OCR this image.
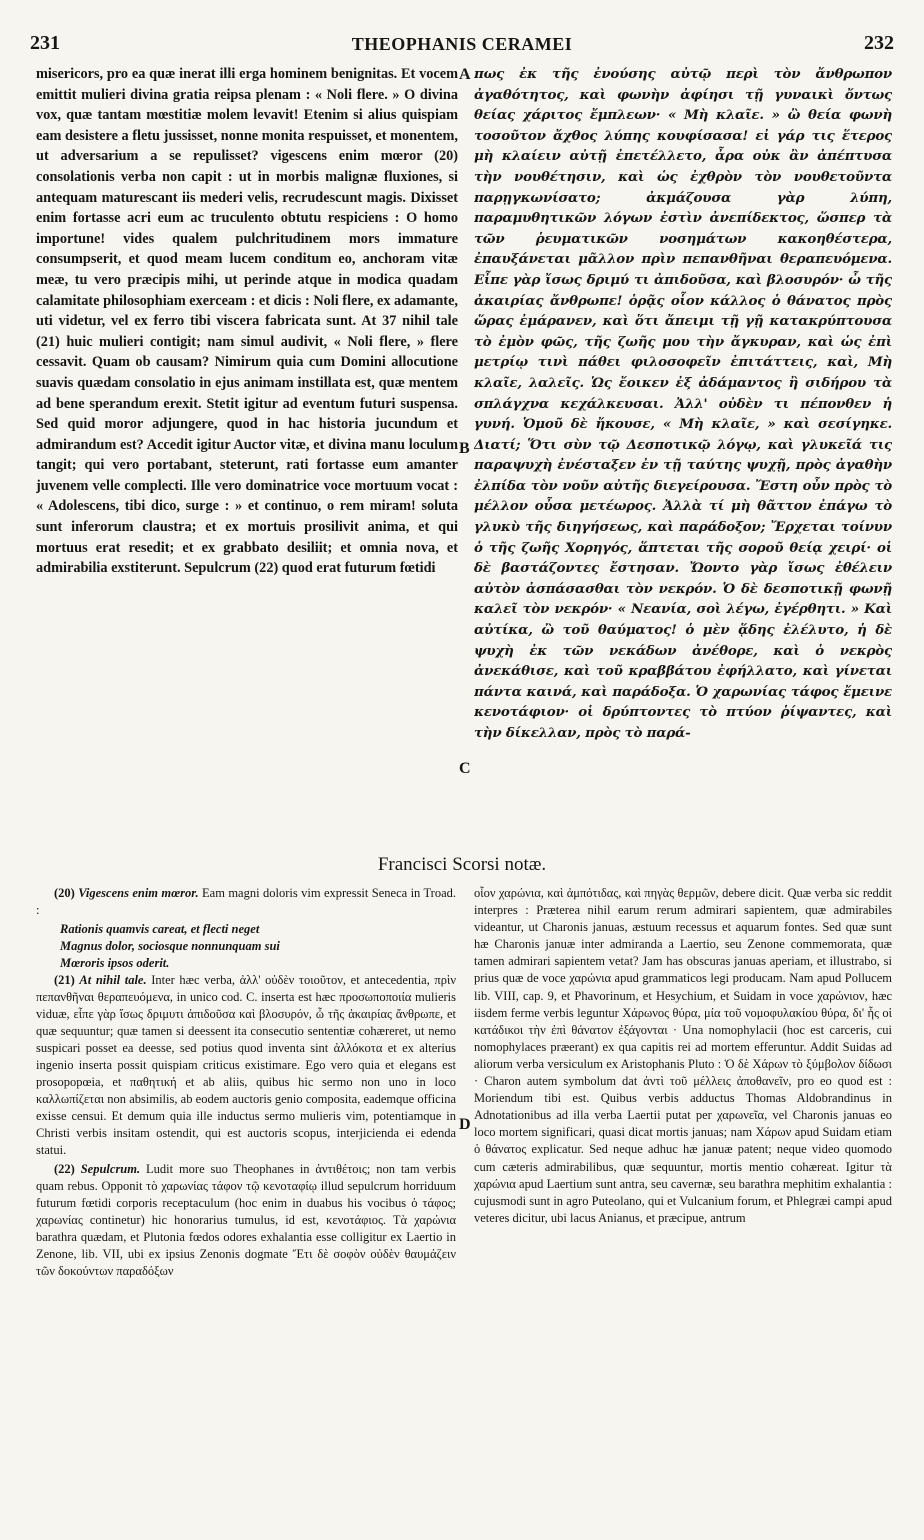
231	THEOPHANIS CERAMEI	232
misericors, pro ea quæ inerat illi erga hominem benignitas. Et vocem emittit mulieri divina gratia reipsa plenam : « Noli flere. » O divina vox, quæ tantam mœstitiæ molem levavit! Etenim si alius quispiam eam desistere a fletu jussisset, nonne monita respuisset, et monentem, ut adversarium a se repulisset? vigescens enim mœror (20) consolationis verba non capit : ut in morbis malignæ fluxiones, si antequam maturescant iis mederi velis, recrudescunt magis. Dixisset enim fortasse acri eum ac truculento obtutu respiciens : O homo importune! vides qualem pulchritudinem mors immature consumpserit, et quod meam lucem conditum eo, anchoram vitæ meæ, tu vero præcipis mihi, ut perinde atque in modica quadam calamitate philosophiam exerceam : et dicis : Noli flere, ex adamante, uti videtur, vel ex ferro tibi viscera fabricata sunt. At 37 nihil tale (21) huic mulieri contigit; nam simul audivit, « Noli flere, » flere cessavit. Quam ob causam? Nimirum quia cum Domini allocutione suavis quædam consolatio in ejus animam instillata est, quæ mentem ad bene sperandum erexit. Stetit igitur ad eventum futuri suspensa. Sed quid moror adjungere, quod in hac historia jucundum et admirandum est? Accedit igitur Auctor vitæ, et divina manu loculum tangit; qui vero portabant, steterunt, rati fortasse eum amanter juvenem velle complecti. Ille vero dominatrice voce mortuum vocat : « Adolescens, tibi dico, surge : » et continuo, o rem miram! soluta sunt inferorum claustra; et ex mortuis prosilivit anima, et qui mortuus erat resedit; et ex grabbato desiliit; et omnia nova, et admirabilia exstiterunt. Sepulcrum (22) quod erat futurum fœtidi
πως ἐκ τῆς ἐνούσης αὐτῷ περὶ τὸν ἄνθρωπον ἀγαθότητος, καὶ φωνὴν ἀφίησι τῇ γυναικὶ ὄντως θείας χάριτος ἔμπλεων· « Μὴ κλαῖε. » ὢ θεία φωνὴ τοσοῦτον ἄχθος λύπης κουφίσασα! εἰ γάρ τις ἕτερος μὴ κλαίειν αὐτῇ ἐπετέλλετο, ἆρα οὐκ ἂν ἀπέπτυσα τὴν νουθέτησιν, καὶ ὡς ἐχθρὸν τὸν νουθετοῦντα παρῃγκωνίσατο; ἀκμάζουσα γὰρ λύπη, παραμυθητικῶν λόγων ἐστὶν ἀνεπίδεκτος, ὥσπερ τὰ τῶν ῥευματικῶν νοσημάτων κακοηθέστερα, ἐπαυξάνεται μᾶλλον πρὶν πεπανθῆναι θεραπευόμενα. Εἶπε γὰρ ἴσως δριμύ τι ἀπιδοῦσα, καὶ βλοσυρόν· ὦ τῆς ἀκαιρίας ἄνθρωπε! ὁρᾷς οἷον κάλλος ὁ θάνατος πρὸς ὥρας ἐμάρανεν, καὶ ὅτι ἄπειμι τῇ γῇ κατακρύπτουσα τὸ ἐμὸν φῶς, τῆς ζωῆς μου τὴν ἄγκυραν, καὶ ὡς ἐπὶ μετρίῳ τινὶ πάθει φιλοσοφεῖν ἐπιτάττεις, καὶ, Μὴ κλαῖε, λαλεῖς. Ὡς ἔοικεν ἐξ ἀδάμαντος ἢ σιδήρου τὰ σπλάγχνα κεχάλκευσαι. Ἀλλ' οὐδὲν τι πέπονθεν ἡ γυνή. Ὁμοῦ δὲ ἤκουσε, « Μὴ κλαῖε, » καὶ σεσίγηκε. Διατί; Ὅτι σὺν τῷ Δεσποτικῷ λόγῳ, καὶ γλυκεῖά τις παραψυχὴ ἐνέσταξεν ἐν τῇ ταύτης ψυχῇ, πρὸς ἀγαθὴν ἐλπίδα τὸν νοῦν αὐτῆς διεγείρουσα. Ἔστη οὖν πρὸς τὸ μέλλον οὖσα μετέωρος. Ἀλλὰ τί μὴ θᾶττον ἐπάγω τὸ γλυκὺ τῆς διηγήσεως, καὶ παράδοξον; Ἔρχεται τοίνυν ὁ τῆς ζωῆς Χορηγός, ἅπτεται τῆς σοροῦ θείᾳ χειρί· οἱ δὲ βαστάζοντες ἔστησαν. Ὤοντο γὰρ ἴσως ἐθέλειν αὐτὸν ἀσπάσασθαι τὸν νεκρόν. Ὁ δὲ δεσποτικῇ φωνῇ καλεῖ τὸν νεκρόν· « Νεανία, σοὶ λέγω, ἐγέρθητι. » Καὶ αὐτίκα, ὢ τοῦ θαύματος! ὁ μὲν ᾅδης ἐλέλυτο, ἡ δὲ ψυχὴ ἐκ τῶν νεκάδων ἀνέθορε, καὶ ὁ νεκρὸς ἀνεκάθισε, καὶ τοῦ κραββάτου ἐφήλλατο, καὶ γίνεται πάντα καινά, καὶ παράδοξα. Ὁ χαρωνίας τάφος ἔμεινε κενοτάφιον· οἱ δρύπτοντες τὸ πτύον ῥίψαντες, καὶ τὴν δίκελλαν, πρὸς τὸ παρά-
A
B
C
D
Francisci Scorsi notæ.

(20) Vigescens enim mœror. Eam magni doloris vim expressit Seneca in Troad. :

Rationis quamvis careat, et flecti neget
Magnus dolor, sociosque nonnunquam sui
Mœroris ipsos oderit.

(21) At nihil tale. Inter hæc verba, ἀλλ' οὐδὲν τοιοῦτον, et antecedentia, πρὶν πεπανθῆναι θεραπευόμενα, in unico cod. C. inserta est hæc προσωποποιία mulieris viduæ, εἶπε γὰρ ἴσως δριμυτι ἀπιδοῦσα καὶ βλοσυρόν, ὦ τῆς ἀκαιρίας ἄνθρωπε, et quæ sequuntur; quæ tamen si deessent ita consecutio sententiæ cohæreret, ut nemo suspicari posset ea deesse, sed potius quod inventa sint ἀλλόκοτα et ex alterius ingenio inserta possit quispiam criticus existimare. Ego vero quia et elegans est prosopopœia, et παθητική et ab aliis, quibus hic sermo non uno in loco καλλωπίζεται non absimilis, ab eodem auctoris genio composita, eademque officina exisse censui. Et demum quia ille inductus sermo mulieris vim, potentiamque in Christi verbis insitam ostendit, qui est auctoris scopus, interjicienda ei edenda statui.

(22) Sepulcrum. Ludit more suo Theophanes in ἀντιθέτοις; non tam verbis quam rebus. Opponit τὸ χαρωνίας τάφον τῷ κενοταφίῳ illud sepulcrum horriduum futurum fœtidi corporis receptaculum (hoc enim in duabus his vocibus ὁ τάφος; χαρωνίας continetur) hic honorarius tumulus, id est, κενοτάφιος. Τὰ χαρώνια barathra quædam, et Plutonia fœdos odores exhalantia esse colligitur ex Laertio in Zenone, lib. VII, ubi ex ipsius Zenonis dogmate Ἔτι δὲ σοφὸν οὐδὲν θαυμάζειν τῶν δοκούντων παραδόξων

οἷον χαρώνια, καὶ ἀμπότιδας, καὶ πηγὰς θερμῶν, debere dicit. Quæ verba sic reddit interpres : Præterea nihil earum rerum admirari sapientem, quæ admirabiles videantur, ut Charonis januas, æstuum recessus et aquarum fontes. Sed quæ sunt hæ Charonis januæ inter admiranda a Laertio, seu Zenone commemorata, quæ tamen admirari sapientem vetat? Jam has obscuras januas aperiam, et illustrabo, si prius quæ de voce χαρώνια apud grammaticos legi producam. Nam apud Pollucem lib. VIII, cap. 9, et Phavorinum, et Hesychium, et Suidam in voce χαρώνιον, hæc iisdem ferme verbis leguntur Χάρωνος θύρα, μία τοῦ νομοφυλακίου θύρα, δι' ἧς οἱ κατάδικοι τὴν ἐπὶ θάνατον ἐξάγονται · Una nomophylacii (hoc est carceris, cui nomophylaces præerant) ex qua capitis rei ad mortem efferuntur. Addit Suidas ad aliorum verba versiculum ex Aristophanis Pluto : Ὁ δὲ Χάρων τὸ ξύμβολον δίδωσι · Charon autem symbolum dat ἀντὶ τοῦ μέλλεις ἀποθανεῖν, pro eo quod est : Moriendum tibi est. Quibus verbis adductus Thomas Aldobrandinus in Adnotationibus ad illa verba Laertii putat per χαρωνεῖα, vel Charonis januas eo loco mortem significari, quasi dicat mortis januas; nam Χάρων apud Suidam etiam ὁ θάνατος explicatur. Sed neque adhuc hæ januæ patent; neque video quomodo cum cæteris admirabilibus, quæ sequuntur, mortis mentio cohæreat. Igitur τὰ χαρώνια apud Laertium sunt antra, seu cavernæ, seu barathra mephitim exhalantia : cujusmodi sunt in agro Puteolano, qui et Vulcanium forum, et Phlegræi campi apud veteres dicitur, ubi lacus Anianus, et præcipue, antrum
